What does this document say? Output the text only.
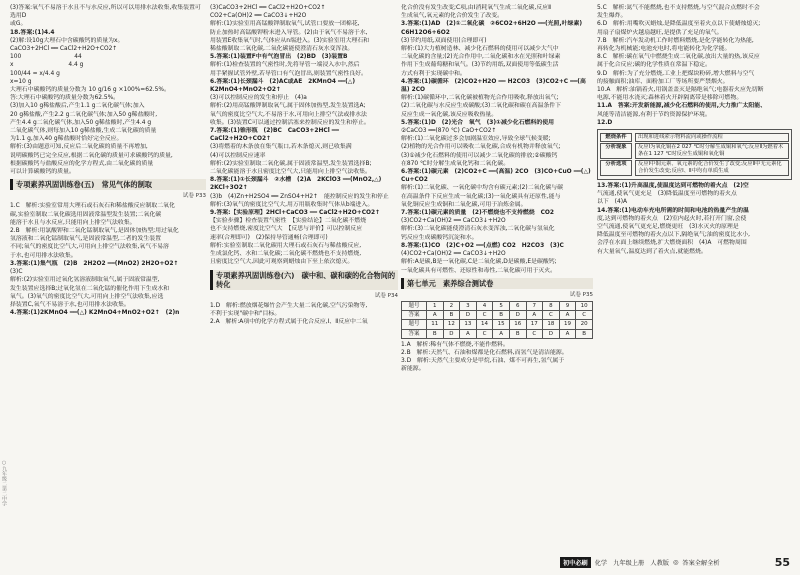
(3)答案:氧气不易溶于水且不与水反应,所以可以用排水法收集,收集装置可选用D

或G。

18.答案:(1)4.4

(2)解:设10g大理石中含碳酸钙的质量为x。

CaCO3+2HCl ══ CaCl2+H2O+CO2↑

100　　　　　　　　　44

x　　　　　　　　　 4.4 g

100/44 = x/4.4 g

x=10 g

大理石中碳酸钙的质量分数为 10 g/16 g ×100%=62.5%。

答:大理石中碳酸钙的质量分数为62.5%。

(3)加入10 g稀盐酸后,产生1.1 g二氧化碳气体;加入

20 g稀盐酸,产生2.2 g二氧化碳气体;加入50 g稀盐酸时,

产生4.4 g二氧化碳气体,加入50 g稀盐酸时,产生4.4 g

二氧化碳气体,则每加入10 g稀盐酸,生成二氧化碳的质量

为1.1 g,加入40 g稀盐酸时恰好完全反应。

解析:(3)由题意可知,反应后二氧化碳的质量不再增加,

说明碳酸钙已完全反应,根据二氧化碳的质量可求碳酸钙的质量,

根据碳酸钙与盐酸反应的化学方程式,由二氧化碳的质量

可以计算碳酸钙的质量。

专项素养巩固训练卷(五)　常见气体的制取
试卷 P33

1.C　解析:实验室常用大理石或石灰石和稀盐酸反应制取二氧化

碳,实验室制取二氧化碳选用固液常温型发生装置;二氧化碳

能溶于水且与水反应,只能用向上排空气法收集。

2.B　解析:用氯酸钾和二氧化锰制取氧气,是固体加热型;用过氧化

氢溶液和二氧化锰制取氧气,是固液常温型,二者的发生装置

不同;氧气的密度比空气大,可用向上排空气法收集,氧气不易溶

于水,也可用排水法收集。

3.答案:(1)集气瓶　(2)B　2H2O2 ══(MnO2) 2H2O+O2↑

(3)C

解析:(2)实验室用过氧化氢溶液制取氧气,属于固液常温型,

发生装置应选择B;过氧化氢在二氧化锰的催化作用下生成水和

氧气。(3)氧气的密度比空气大,可用向上排空气法收集,应选

择装置C,氧气不易溶于水,也可用排水法收集。

4.答案:(1)2KMnO4 ══(△) K2MnO4+MnO2+O2↑　(2)n

(3)CaCO3+2HCl ══ CaCl2+H2O+CO2↑

CO2+Ca(OH)2 ══ CaCO3↓+H2O

解析:(1)实验室用高锰酸钾制取氧气,试管口要放一团棉花,

防止加热时高锰酸钾粉末进入导管。(2)由于氧气不易溶于水,

用装置E收集氧气时,气体应从n端进入。(3)实验室用大理石和

稀盐酸制取二氧化碳,二氧化碳能使澄清石灰水变浑浊。

5.答案:(1)装置F中有气泡冒出　(2)BD　(3)装置B

解析:(1)检查装置的气密性时,先将导管一端浸入水中,然后

用手紧握试管外壁,若导管口有气泡冒出,则装置气密性良好。

6.答案:(1)长颈漏斗　(2)AC或AE　2KMnO4 ══(△) K2MnO4+MnO2+O2↑

(3)可以控制反应的发生和停止　(4)a

解析:(2)用高锰酸钾制取氧气,属于固体加热型,发生装置选A;

氧气的密度比空气大,不易溶于水,可用向上排空气法或排水法

收集。(3)装置C可以通过控制活塞来控制反应的发生和停止。

7.答案:(1)锥形瓶　(2)BC　CaCO3+2HCl ══ CaCl2+H2O+CO2↑

(3)将燃着的木条放在集气瓶口,若木条熄灭,则已收集满

(4)可以控制反应速率

解析:(2)实验室制取二氧化碳,属于固液常温型,发生装置选择B;

二氧化碳能溶于水且密度比空气大,只能用向上排空气法收集。

8.答案:(1)①长颈漏斗　②水槽　(2)A　2KClO3 ══(MnO2,△) 2KCl+3O2↑

(3)b　(4)Zn+H2SO4 ══ ZnSO4+H2↑　能控制反应的发生和停止

解析:(3)氧气的密度比空气大,用万用瓶收集时气体从b端进入。

9.答案:【实验原理】2HCl+CaCO3 ══ CaCl2+H2O+CO2↑

【实验步骤】检查装置气密性　【实验结论】二氧化碳不燃烧

也不支持燃烧,密度比空气大　【反思与评价】可以控制反应

速率(合理即可)　(2)保持导管通畅(合理即可)

解析:实验室制取二氧化碳用大理石或石灰石与稀盐酸反应,

生成氯化钙、水和二氧化碳;二氧化碳不燃烧也不支持燃烧,

且密度比空气大,因此可观察到蜡烛由下至上依次熄灭。

专项素养巩固训练卷(六)　碳中和、碳和碳的化合物间的转化
试卷 P34

1.D　解析:燃放烟花爆竹会产生大量二氧化碳,空气污染物等,

不利于实现"碳中和"目标。

2.A　解析:A项中的化学方程式属于化合反应,Ⅰ、Ⅱ反应中二氧

化合价没有发生改变;C项,由Ⅰ消耗氧气生成二氧化碳,反应Ⅱ

生成氧气,氧元素的化合价发生了改变。

3.答案:(1)AD　(2)①二氧化碳　②6CO2+6H2O ══(光照,叶绿素) C6H12O6+6O2

(3)节约用纸,双面使用(合理即可)

解析:(1)大力植树造林、减少化石燃料的使用可以减少大气中

二氧化碳的含量;(2)光合作用中,二氧化碳和水在光照和叶绿素

作用下生成葡萄糖和氧气。(3)节约用纸,双面使用等低碳生活

方式有利于实现碳中和。

4.答案:(1)碳循环　(2)CO2+H2O ══ H2CO3　(3)CO2+C ══(高温) 2CO

解析:(1)碳循环中,二氧化碳被植物光合作用吸收,释放出氧气;

(2)二氧化碳与水反应生成碳酸;(3)二氧化碳和碳在高温条件下

反应生成一氧化碳,该反应吸收热量。

5.答案:(1)D　(2)光合　氧气　(3)①减少化石燃料的使用

②CaCO3 ══(870 ℃) CaO+CO2↑

解析:(1)二氧化碳过多会加剧温室效应,导致全球气候变暖;

(2)植物的光合作用可以吸收二氧化碳,合成有机物并释放氧气;

(3)①减少化石燃料的使用可以减少二氧化碳的排放;②碳酸钙

在870 ℃时分解生成氧化钙和二氧化碳。

6.答案:(1)碳元素　(2)CO2+C ══(高温) 2CO　(3)CO+CuO ══(△) Cu+CO2

解析:(1)二氧化碳、一氧化碳中均含有碳元素;(2)二氧化碳与碳

在高温条件下反应生成一氧化碳;(3)一氧化碳具有还原性,能与

氧化铜反应生成铜和二氧化碳,可用于冶炼金属。

7.答案:(1)碳元素的质量　(2)不燃烧也不支持燃烧　CO2

(3)CO2+Ca(OH)2 ══ CaCO3↓+H2O

解析:(3)二氧化碳能使澄清石灰水变浑浊,二氧化碳与氢氧化

钙反应生成碳酸钙沉淀和水。

8.答案:(1)CO　(2)C+O2 ══(点燃) CO2　H2CO3　(3)C

(4)CO2+Ca(OH)2 ══ CaCO3↓+H2O

解析:A是碳,B是一氧化碳,C是二氧化碳,D是碳酸,E是碳酸钙;

一氧化碳具有可燃性、还原性和毒性,二氧化碳可用于灭火。

第七单元　素养综合测试卷
试卷 P35
题号	1	2	3	4	5	6	7	8	9	10
答案	A	B	D	C	B	D	A	C	A	C
题号	11	12	13	14	15	16	17	18	19	20
答案	B	D	A	C	A	B	C	D	A	B

1.A　解析:稀有气体不燃烧,不能作燃料。

2.B　解析:天然气、石油和煤都是化石燃料,而氢气是清洁能源。

3.D　解析:天然气主要成分是甲烷,石油、煤不可再生,氢气属于

新能源。

5.C　解析:氮气不能燃烧,也不支持燃烧,与空气混合点燃时不会

发生爆炸。

6.D　解析:用嘴吹灭蜡烛,是降低温度至着火点以下使蜡烛熄灭;

用扇子扇煤炉火越扇越旺,是提供了充足的氧气。

7.B　解析:汽车发动机工作时燃料燃烧,是化学能转化为热能,

再转化为机械能;电池充电时,将电能转化为化学能。

8.C　解析:碳在氧气中燃烧生成二氧化碳,放出大量的热,该反应

属于化合反应;碳的化学性质在常温下稳定。

9.D　解析:为了充分燃烧,工业上把煤块粉碎,增大燃料与空气

的接触面积;油库、面粉加工厂等场所要严禁烟火。

10.A　解析:油锅着火,用锅盖盖灭是隔绝氧气;电器着火应先切断

电源,不能用水浇灭;森林着火开辟隔离带是移除可燃物。

11.A　答案:开发新能源,减少化石燃料的使用,大力推广太阳能、

风能等清洁能源,有利于节约资源保护环境。

12.D

燃烧条件	出现和进线索示物料流向或操作流程
分析现象	反应Ⅰ为氧化铜在2 027 ℃时分解生成铜和氧气;反应Ⅱ为燃着木条在1 127 ℃时反应生成铜和氧化铜
分析选项	反应Ⅰ中铜元素、氧元素的化合价发生了改变;反应Ⅱ中无元素化合价发生改变;反应Ⅰ、Ⅱ中均有单质生成

13.答案:(1)升高温度,使温度达到可燃物的着火点　(2)空

气流通,使氧气更充足　(3)降低温度至可燃物的着火点

以下　(4)A

14.答案:(1)电动车充电所需的时间和电池的热量产生的温

度,达到可燃物的着火点　(2)室内起火时,若打开门窗,会使

空气流通,使氧气更充足,燃烧更旺　(3)水灭火的原理是

降低温度至可燃物的着火点以下,隔绝氧气;油的密度比水小,

会浮在水面上继续燃烧,扩大燃烧面积　(4)A　可燃物周围

有大量氧气,温度达到了着火点,就能燃烧。

○九年级二第二中学
初中必刷	化学　九年级上册　人教版 ◎ 答案全解全析	55
